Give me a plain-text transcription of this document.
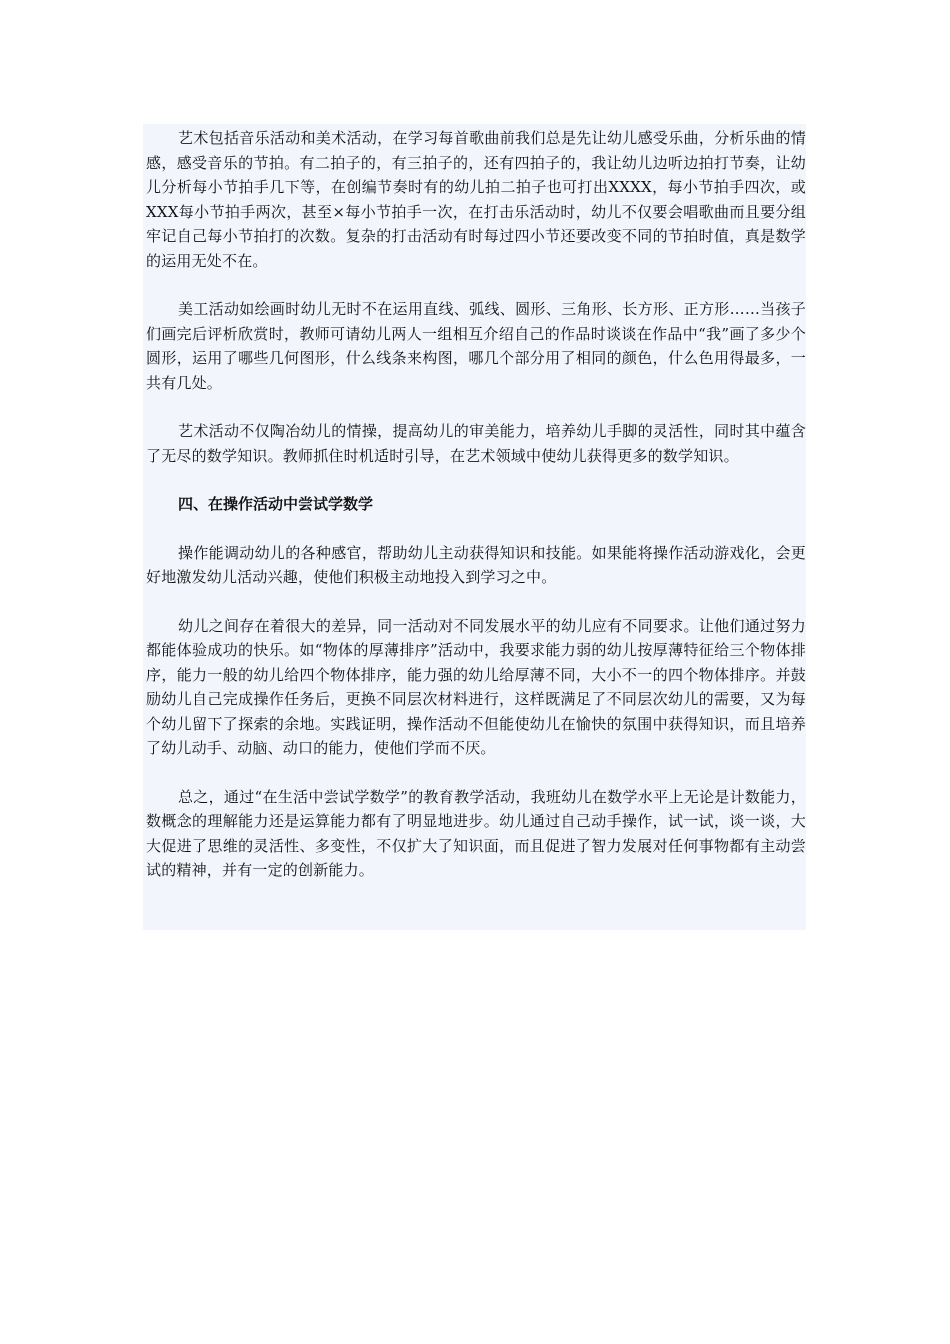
艺术包括音乐活动和美术活动，在学习每首歌曲前我们总是先让幼儿感受乐曲，分析乐曲的情感，感受音乐的节拍。有二拍子的，有三拍子的，还有四拍子的，我让幼儿边听边拍打节奏，让幼儿分析每小节拍手几下等，在创编节奏时有的幼儿拍二拍子也可打出XXXX，每小节拍手四次，或XXX每小节拍手两次，甚至×每小节拍手一次，在打击乐活动时，幼儿不仅要会唱歌曲而且要分组牢记自己每小节拍打的次数。复杂的打击活动有时每过四小节还要改变不同的节拍时值，真是数学的运用无处不在。

美工活动如绘画时幼儿无时不在运用直线、弧线、圆形、三角形、长方形、正方形……当孩子们画完后评析欣赏时，教师可请幼儿两人一组相互介绍自己的作品时谈谈在作品中“我”画了多少个圆形，运用了哪些几何图形，什么线条来构图，哪几个部分用了相同的颜色，什么色用得最多，一共有几处。

艺术活动不仅陶冶幼儿的情操，提高幼儿的审美能力，培养幼儿手脚的灵活性，同时其中蕴含了无尽的数学知识。教师抓住时机适时引导，在艺术领域中使幼儿获得更多的数学知识。

四、在操作活动中尝试学数学

操作能调动幼儿的各种感官，帮助幼儿主动获得知识和技能。如果能将操作活动游戏化，会更好地激发幼儿活动兴趣，使他们积极主动地投入到学习之中。

幼儿之间存在着很大的差异，同一活动对不同发展水平的幼儿应有不同要求。让他们通过努力都能体验成功的快乐。如“物体的厚薄排序”活动中，我要求能力弱的幼儿按厚薄特征给三个物体排序，能力一般的幼儿给四个物体排序，能力强的幼儿给厚薄不同，大小不一的四个物体排序。并鼓励幼儿自己完成操作任务后，更换不同层次材料进行，这样既满足了不同层次幼儿的需要，又为每个幼儿留下了探索的余地。实践证明，操作活动不但能使幼儿在愉快的氛围中获得知识，而且培养了幼儿动手、动脑、动口的能力，使他们学而不厌。

总之，通过“在生活中尝试学数学”的教育教学活动，我班幼儿在数学水平上无论是计数能力，数概念的理解能力还是运算能力都有了明显地进步。幼儿通过自己动手操作，试一试，谈一谈，大大促进了思维的灵活性、多变性，不仅扩大了知识面，而且促进了智力发展对任何事物都有主动尝试的精神，并有一定的创新能力。
